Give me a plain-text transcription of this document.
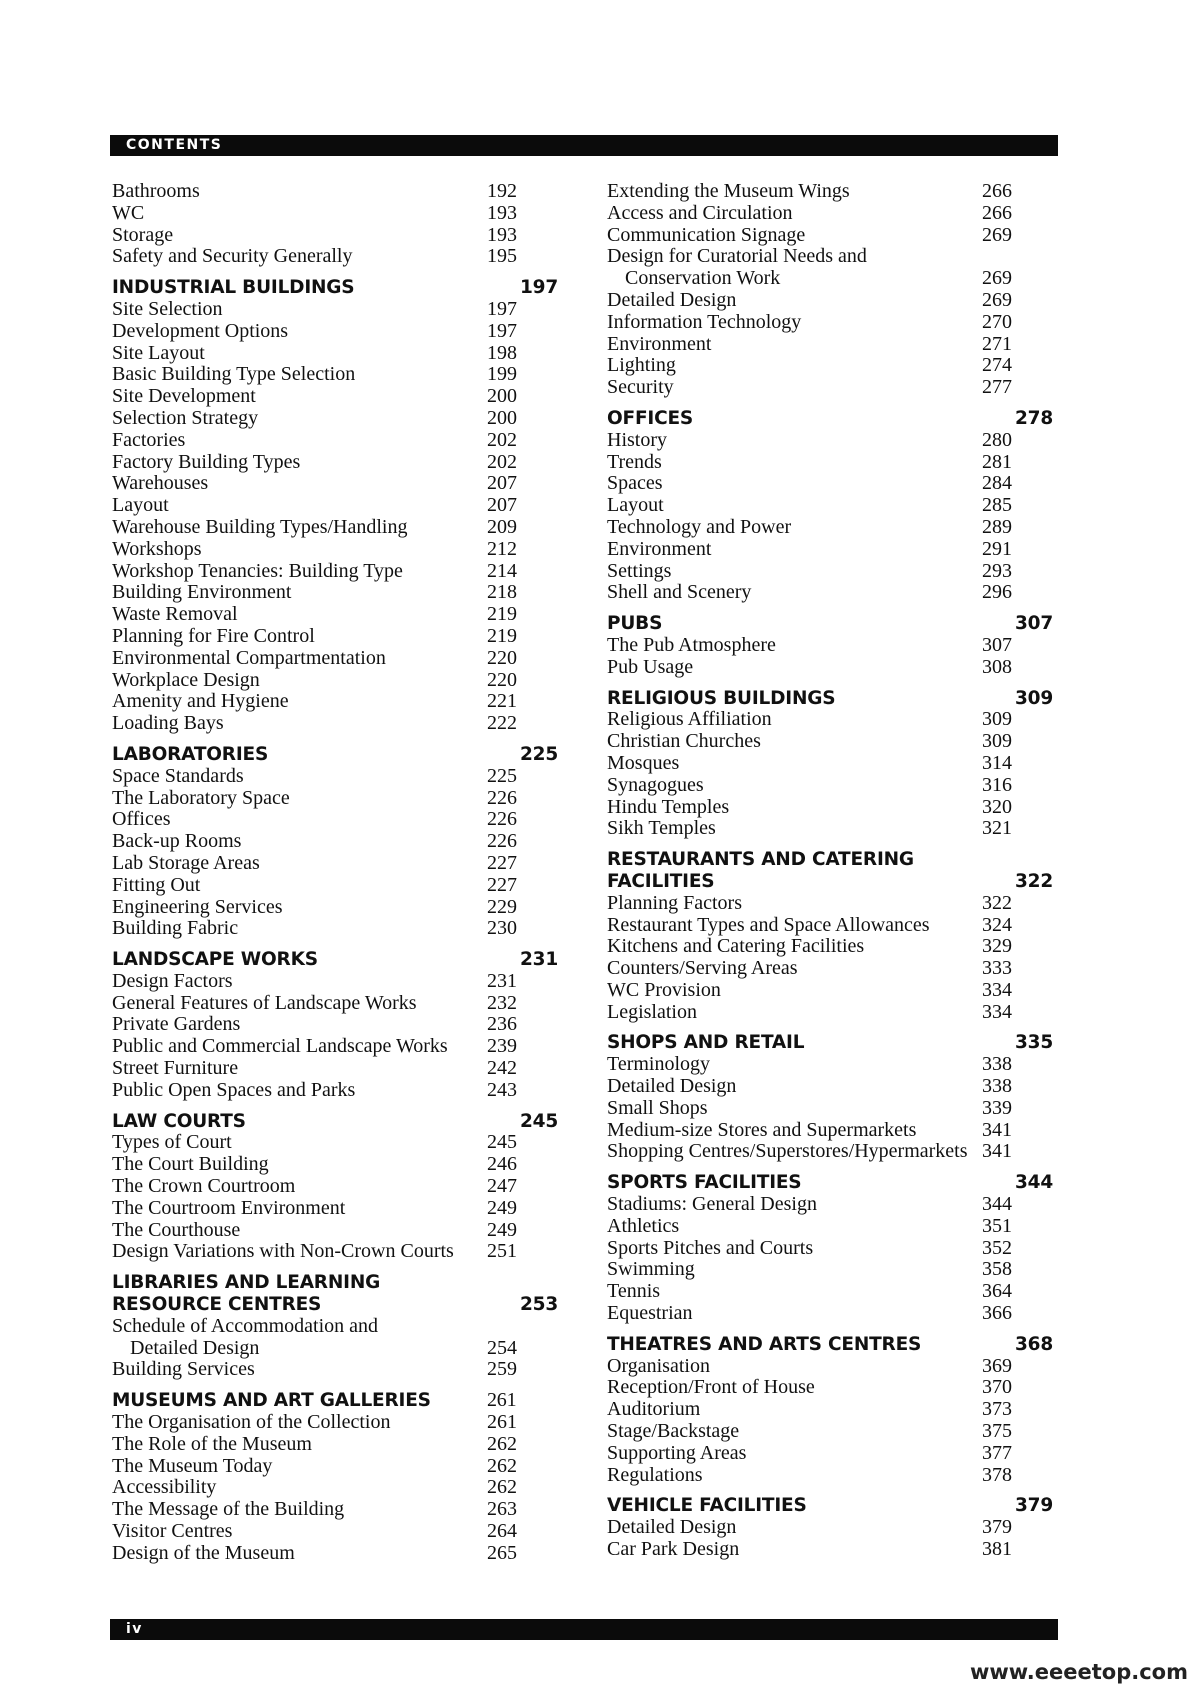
CONTENTS
Bathrooms	192
WC	193
Storage	193
Safety and Security Generally	195
INDUSTRIAL BUILDINGS	197
Site Selection	197
Development Options	197
Site Layout	198
Basic Building Type Selection	199
Site Development	200
Selection Strategy	200
Factories	202
Factory Building Types	202
Warehouses	207
Layout	207
Warehouse Building Types/Handling	209
Workshops	212
Workshop Tenancies: Building Type	214
Building Environment	218
Waste Removal	219
Planning for Fire Control	219
Environmental Compartmentation	220
Workplace Design	220
Amenity and Hygiene	221
Loading Bays	222
LABORATORIES	225
Space Standards	225
The Laboratory Space	226
Offices	226
Back-up Rooms	226
Lab Storage Areas	227
Fitting Out	227
Engineering Services	229
Building Fabric	230
LANDSCAPE WORKS	231
Design Factors	231
General Features of Landscape Works	232
Private Gardens	236
Public and Commercial Landscape Works 239
Street Furniture	242
Public Open Spaces and Parks	243
LAW COURTS	245
Types of Court	245
The Court Building	246
The Crown Courtroom	247
The Courtroom Environment	249
The Courthouse	249
Design Variations with Non-Crown Courts 251
LIBRARIES AND LEARNING
RESOURCE CENTRES	253
Schedule of Accommodation and
Detailed Design	254
Building Services	259
MUSEUMS AND ART GALLERIES	261
The Organisation of the Collection	261
The Role of the Museum	262
The Museum Today	262
Accessibility	262
The Message of the Building	263
Visitor Centres	264
Design of the Museum	265
Extending the Museum Wings	266
Access and Circulation	266
Communication Signage	269
Design for Curatorial Needs and
Conservation Work	269
Detailed Design	269
Information Technology	270
Environment	271
Lighting	274
Security	277
OFFICES	278
History	280
Trends	281
Spaces	284
Layout	285
Technology and Power	289
Environment	291
Settings	293
Shell and Scenery	296
PUBS	307
The Pub Atmosphere	307
Pub Usage	308
RELIGIOUS BUILDINGS	309
Religious Affiliation	309
Christian Churches	309
Mosques	314
Synagogues	316
Hindu Temples	320
Sikh Temples	321
RESTAURANTS AND CATERING
FACILITIES	322
Planning Factors	322
Restaurant Types and Space Allowances	324
Kitchens and Catering Facilities	329
Counters/Serving Areas	333
WC Provision	334
Legislation	334
SHOPS AND RETAIL	335
Terminology	338
Detailed Design	338
Small Shops	339
Medium-size Stores and Supermarkets	341
Shopping Centres/Superstores/Hypermarkets 341
SPORTS FACILITIES	344
Stadiums: General Design	344
Athletics	351
Sports Pitches and Courts	352
Swimming	358
Tennis	364
Equestrian	366
THEATRES AND ARTS CENTRES	368
Organisation	369
Reception/Front of House	370
Auditorium	373
Stage/Backstage	375
Supporting Areas	377
Regulations	378
VEHICLE FACILITIES	379
Detailed Design	379
Car Park Design	381
iv
www.eeeetop.com
